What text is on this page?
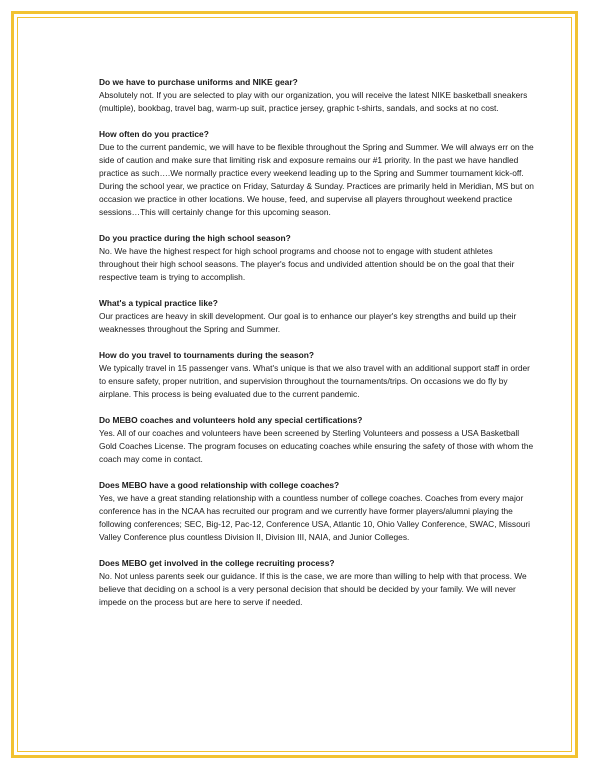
Do we have to purchase uniforms and NIKE gear?
Absolutely not. If you are selected to play with our organization, you will receive the latest NIKE basketball sneakers (multiple), bookbag, travel bag, warm-up suit, practice jersey, graphic t-shirts, sandals, and socks at no cost.
How often do you practice?
Due to the current pandemic, we will have to be flexible throughout the Spring and Summer. We will always err on the side of caution and make sure that limiting risk and exposure remains our #1 priority. In the past we have handled practice as such….We normally practice every weekend leading up to the Spring and Summer tournament kick-off. During the school year, we practice on Friday, Saturday & Sunday. Practices are primarily held in Meridian, MS but on occasion we practice in other locations. We house, feed, and supervise all players throughout weekend practice sessions…This will certainly change for this upcoming season.
Do you practice during the high school season?
No. We have the highest respect for high school programs and choose not to engage with student athletes throughout their high school seasons. The player's focus and undivided attention should be on the goal that their respective team is trying to accomplish.
What's a typical practice like?
Our practices are heavy in skill development. Our goal is to enhance our player's key strengths and build up their weaknesses throughout the Spring and Summer.
How do you travel to tournaments during the season?
We typically travel in 15 passenger vans. What's unique is that we also travel with an additional support staff in order to ensure safety, proper nutrition, and supervision throughout the tournaments/trips. On occasions we do fly by airplane. This process is being evaluated due to the current pandemic.
Do MEBO coaches and volunteers hold any special certifications?
Yes. All of our coaches and volunteers have been screened by Sterling Volunteers and possess a USA Basketball Gold Coaches License. The program focuses on educating coaches while ensuring the safety of those with whom the coach may come in contact.
Does MEBO have a good relationship with college coaches?
Yes, we have a great standing relationship with a countless number of college coaches. Coaches from every major conference has in the NCAA has recruited our program and we currently have former players/alumni playing the following conferences; SEC, Big-12, Pac-12, Conference USA, Atlantic 10, Ohio Valley Conference, SWAC, Missouri Valley Conference plus countless Division II, Division III, NAIA, and Junior Colleges.
Does MEBO get involved in the college recruiting process?
No. Not unless parents seek our guidance. If this is the case, we are more than willing to help with that process. We believe that deciding on a school is a very personal decision that should be decided by your family. We will never impede on the process but are here to serve if needed.
